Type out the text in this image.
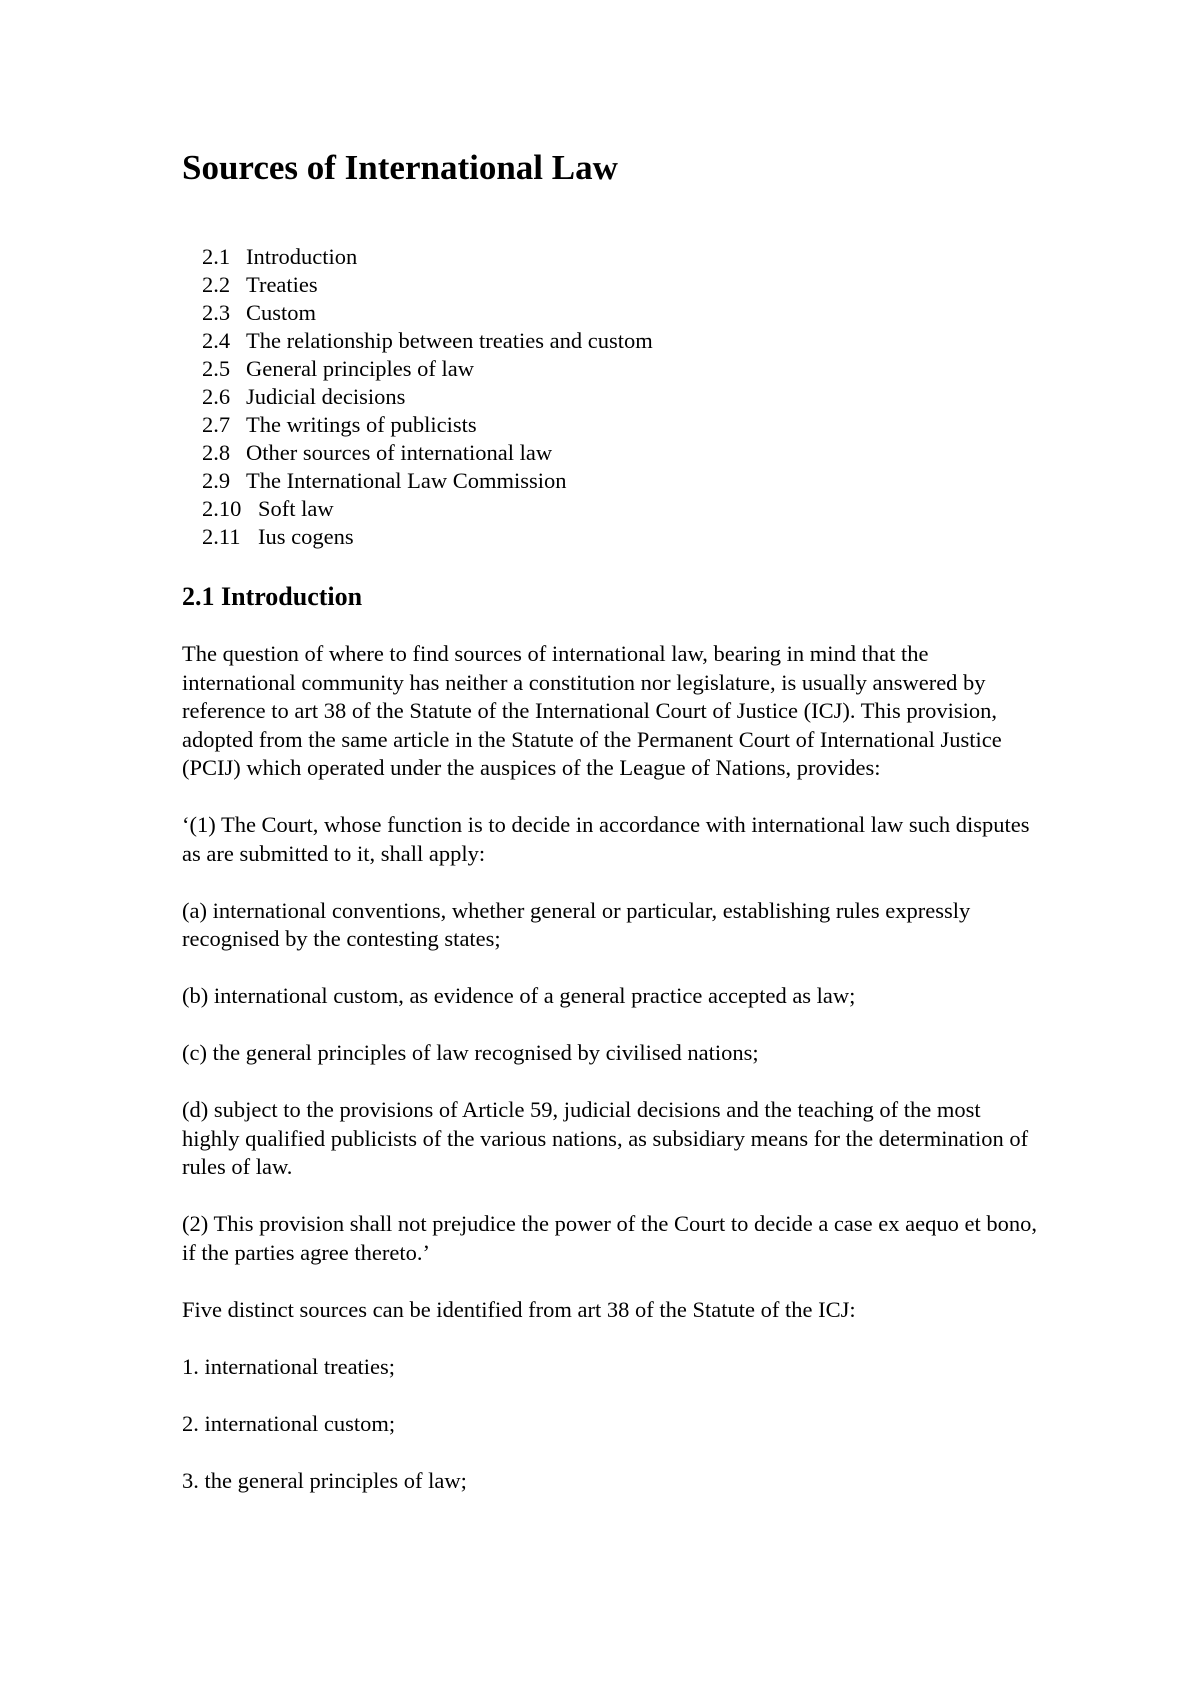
Sources of International Law
2.1 Introduction
2.2 Treaties
2.3 Custom
2.4 The relationship between treaties and custom
2.5 General principles of law
2.6 Judicial decisions
2.7 The writings of publicists
2.8 Other sources of international law
2.9 The International Law Commission
2.10 Soft law
2.11 Ius cogens
2.1 Introduction

The question of where to find sources of international law, bearing in mind that the international community has neither a constitution nor legislature, is usually answered by reference to art 38 of the Statute of the International Court of Justice (ICJ). This provision, adopted from the same article in the Statute of the Permanent Court of International Justice (PCIJ) which operated under the auspices of the League of Nations, provides:

‘(1) The Court, whose function is to decide in accordance with international law such disputes as are submitted to it, shall apply:

(a) international conventions, whether general or particular, establishing rules expressly recognised by the contesting states;

(b) international custom, as evidence of a general practice accepted as law;

(c) the general principles of law recognised by civilised nations;

(d) subject to the provisions of Article 59, judicial decisions and the teaching of the most highly qualified publicists of the various nations, as subsidiary means for the determination of rules of law.

(2) This provision shall not prejudice the power of the Court to decide a case ex aequo et bono, if the parties agree thereto.’

Five distinct sources can be identified from art 38 of the Statute of the ICJ:

1. international treaties;

2. international custom;

3. the general principles of law;
